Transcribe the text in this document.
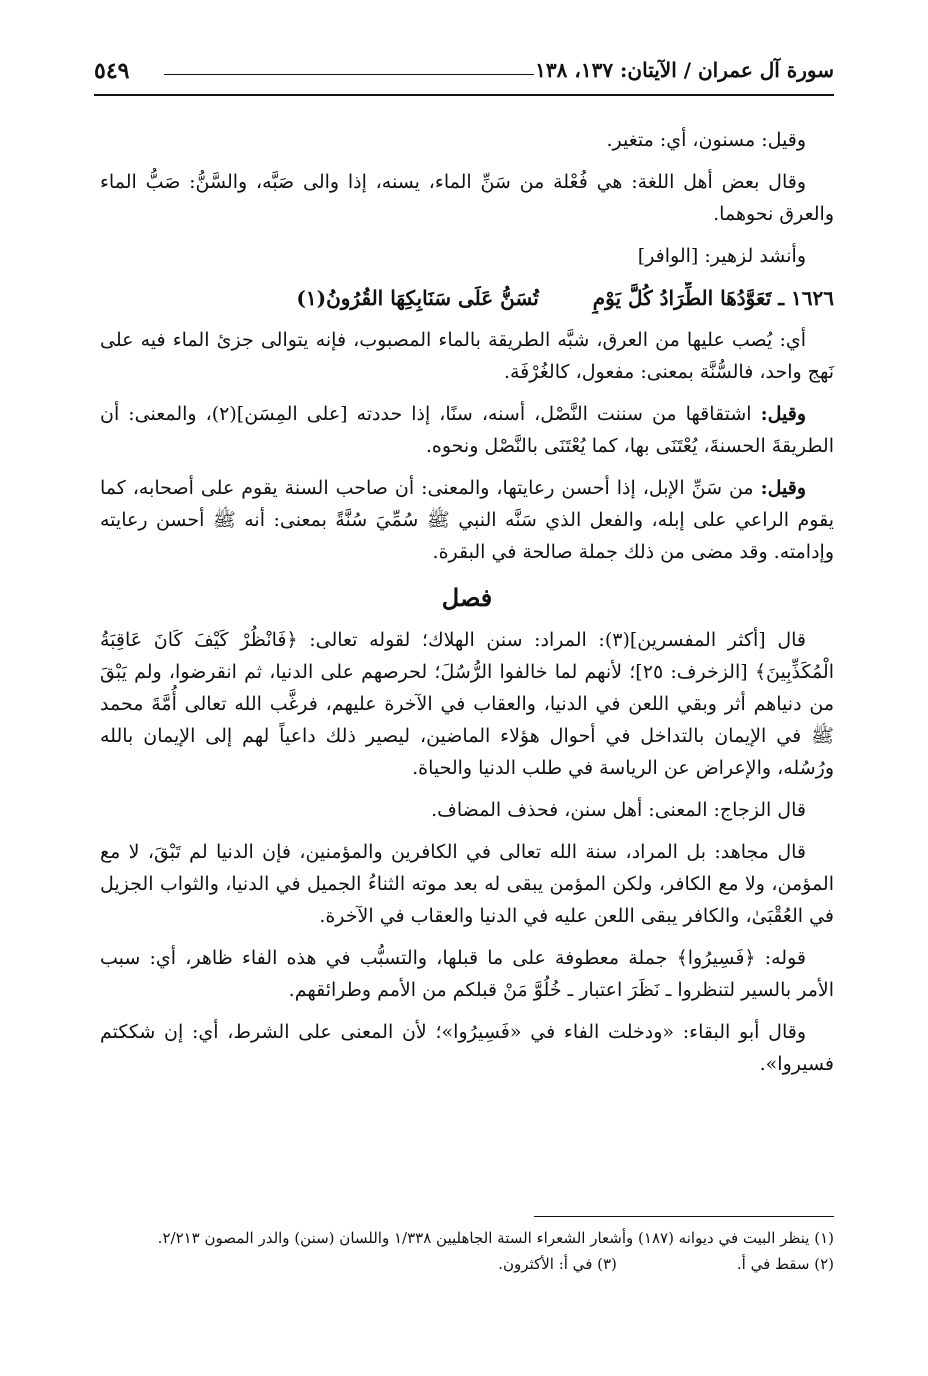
سورة آل عمران / الآيتان: ١٣٧، ١٣٨
٥٤٩

وقيل: مسنون، أي: متغير.

وقال بعض أهل اللغة: هي فُعْلة من سَنِّ الماء، يسنه، إذا والى صَبَّه، والسَّنُّ: صَبُّ الماء والعرق نحوهما.

وأنشد لزهير: [الوافر]

١٦٢٦ ـ تَعَوَّدُهَا الطِّرَادُ كُلَّ يَوْمٍ  تُسَنُّ عَلَى سَنَابِكِهَا القُرُونُ(١)

أي: يُصب عليها من العرق، شبَّه الطريقة بالماء المصبوب، فإنه يتوالى جزئ الماء فيه على نَهج واحد، فالسُّنَّة بمعنى: مفعول، كالغُرْفَة.

وقيل: اشتقاقها من سننت النَّصْل، أسنه، سنًا، إذا حددته [على المِسَن](٢)، والمعنى: أن الطريقةَ الحسنةَ، يُعْتَنَى بها، كما يُعْتَنَى بالنَّصْل ونحوه.

وقيل: من سَنِّ الإبل، إذا أحسن رعايتها، والمعنى: أن صاحب السنة يقوم على أصحابه، كما يقوم الراعي على إبله، والفعل الذي سَنَّه النبي ﷺ سُمِّيَ سُنَّةً بمعنى: أنه ﷺ أحسن رعايته وإدامته. وقد مضى من ذلك جملة صالحة في البقرة.

فصل

قال [أكثر المفسرين](٣): المراد: سنن الهلاك؛ لقوله تعالى: ﴿فَانْظُرْ كَيْفَ كَانَ عَاقِبَةُ الْمُكَذِّبِينَ﴾ [الزخرف: ٢٥]؛ لأنهم لما خالفوا الرُّسُلَ؛ لحرصهم على الدنيا، ثم انقرضوا، ولم يَبْقَ من دنياهم أثر وبقي اللعن في الدنيا، والعقاب في الآخرة عليهم، فرغَّب الله تعالى أُمَّةَ محمد ﷺ في الإيمان بالتداخل في أحوال هؤلاء الماضين، ليصير ذلك داعياً لهم إلى الإيمان بالله ورُسُله، والإعراض عن الرياسة في طلب الدنيا والحياة.

قال الزجاج: المعنى: أهل سنن، فحذف المضاف.

قال مجاهد: بل المراد، سنة الله تعالى في الكافرين والمؤمنين، فإن الدنيا لم تَبْقَ، لا مع المؤمن، ولا مع الكافر، ولكن المؤمن يبقى له بعد موته الثناءُ الجميل في الدنيا، والثواب الجزيل في العُقْبَىٰ، والكافر يبقى اللعن عليه في الدنيا والعقاب في الآخرة.

قوله: ﴿فَسِيرُوا﴾ جملة معطوفة على ما قبلها، والتسبُّب في هذه الفاء ظاهر، أي: سبب الأمر بالسير لتنظروا ـ نَظَرَ اعتبار ـ خُلُوَّ مَنْ قبلكم من الأمم وطرائقهم.

وقال أبو البقاء: «ودخلت الفاء في «فَسِيرُوا»؛ لأن المعنى على الشرط، أي: إن شككتم فسيروا».

(١) ينظر البيت في ديوانه (١٨٧) وأشعار الشعراء الستة الجاهليين ١/٣٣٨ واللسان (سنن) والدر المصون ٢/٢١٣.
(٢) سقط في أ.
(٣) في أ: الأكثرون.
